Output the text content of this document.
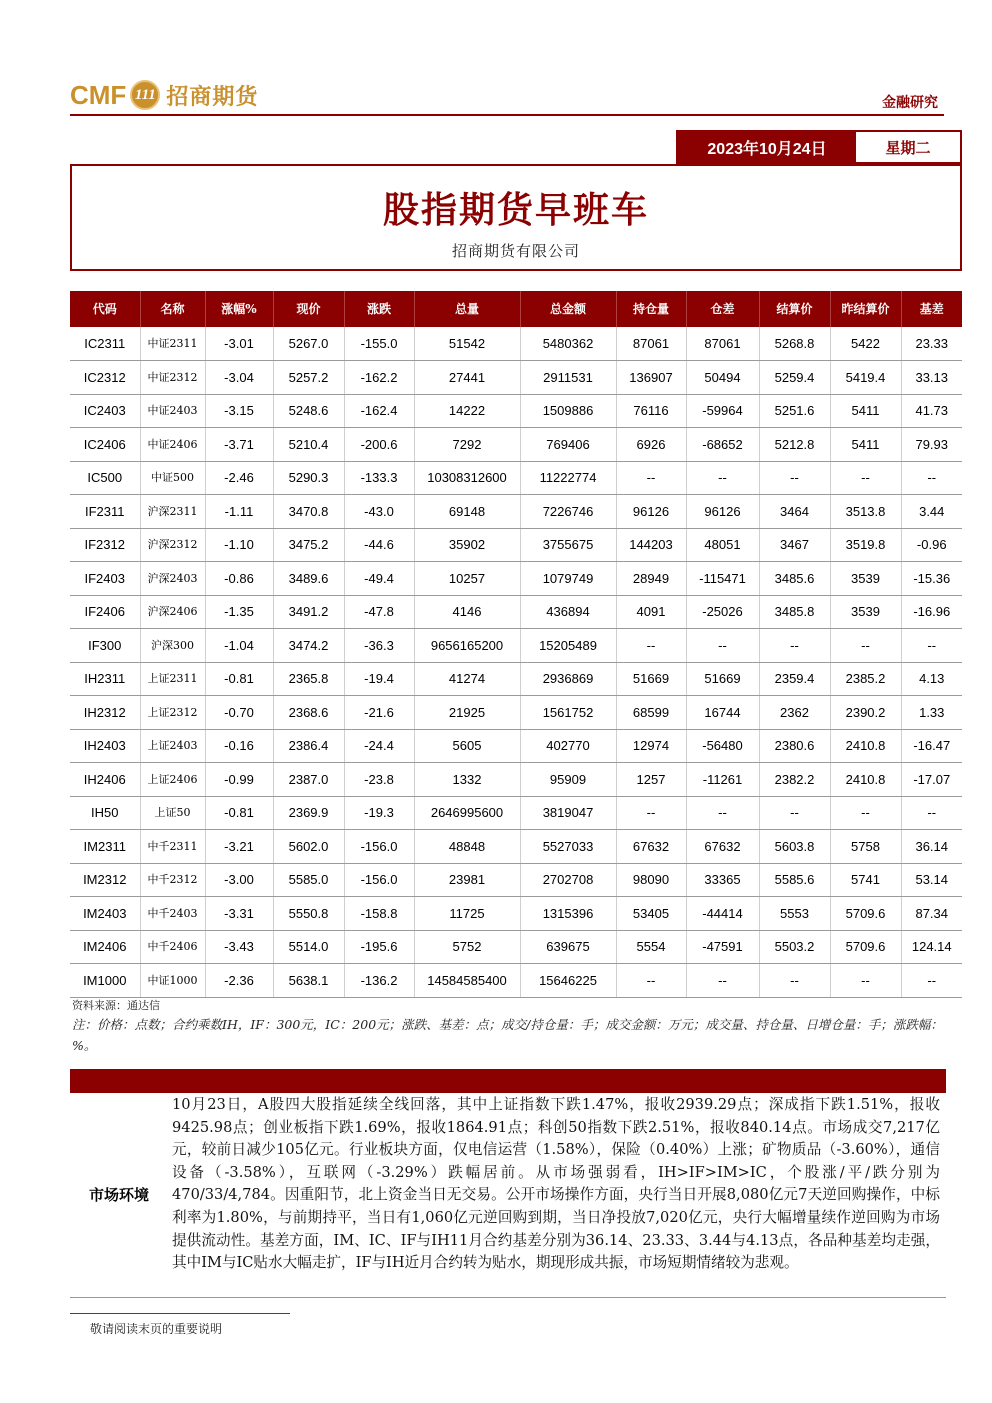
CMF 111 招商期货	金融研究
2023年10月24日	星期二
股指期货早班车
招商期货有限公司
代码	名称	涨幅%	现价	涨跌	总量	总金额	持仓量	仓差	结算价	昨结算价	基差
IC2311	中证2311	-3.01	5267.0	-155.0	51542	5480362	87061	87061	5268.8	5422	23.33
IC2312	中证2312	-3.04	5257.2	-162.2	27441	2911531	136907	50494	5259.4	5419.4	33.13
IC2403	中证2403	-3.15	5248.6	-162.4	14222	1509886	76116	-59964	5251.6	5411	41.73
IC2406	中证2406	-3.71	5210.4	-200.6	7292	769406	6926	-68652	5212.8	5411	79.93
IC500	中证500	-2.46	5290.3	-133.3	10308312600	11222774	--	--	--	--	--
IF2311	沪深2311	-1.11	3470.8	-43.0	69148	7226746	96126	96126	3464	3513.8	3.44
IF2312	沪深2312	-1.10	3475.2	-44.6	35902	3755675	144203	48051	3467	3519.8	-0.96
IF2403	沪深2403	-0.86	3489.6	-49.4	10257	1079749	28949	-115471	3485.6	3539	-15.36
IF2406	沪深2406	-1.35	3491.2	-47.8	4146	436894	4091	-25026	3485.8	3539	-16.96
IF300	沪深300	-1.04	3474.2	-36.3	9656165200	15205489	--	--	--	--	--
IH2311	上证2311	-0.81	2365.8	-19.4	41274	2936869	51669	51669	2359.4	2385.2	4.13
IH2312	上证2312	-0.70	2368.6	-21.6	21925	1561752	68599	16744	2362	2390.2	1.33
IH2403	上证2403	-0.16	2386.4	-24.4	5605	402770	12974	-56480	2380.6	2410.8	-16.47
IH2406	上证2406	-0.99	2387.0	-23.8	1332	95909	1257	-11261	2382.2	2410.8	-17.07
IH50	上证50	-0.81	2369.9	-19.3	2646995600	3819047	--	--	--	--	--
IM2311	中千2311	-3.21	5602.0	-156.0	48848	5527033	67632	67632	5603.8	5758	36.14
IM2312	中千2312	-3.00	5585.0	-156.0	23981	2702708	98090	33365	5585.6	5741	53.14
IM2403	中千2403	-3.31	5550.8	-158.8	11725	1315396	53405	-44414	5553	5709.6	87.34
IM2406	中千2406	-3.43	5514.0	-195.6	5752	639675	5554	-47591	5503.2	5709.6	124.14
IM1000	中证1000	-2.36	5638.1	-136.2	14584585400	15646225	--	--	--	--	--
资料来源：通达信
注：价格：点数；合约乘数IH，IF：300元，IC：200元；涨跌、基差：点；成交/持仓量：手；成交金额：万元；成交量、持仓量、日增仓量：手；涨跌幅：%。
市场环境
10月23日，A股四大股指延续全线回落，其中上证指数下跌1.47%，报收2939.29点；深成指下跌1.51%，报收9425.98点；创业板指下跌1.69%，报收1864.91点；科创50指数下跌2.51%，报收840.14点。市场成交7,217亿元，较前日减少105亿元。行业板块方面，仅电信运营（1.58%），保险（0.40%）上涨；矿物质品（-3.60%），通信设备（-3.58%），互联网（-3.29%）跌幅居前。从市场强弱看，IH>IF>IM>IC，个股涨/平/跌分别为470/33/4,784。因重阳节，北上资金当日无交易。公开市场操作方面，央行当日开展8,080亿元7天逆回购操作，中标利率为1.80%，与前期持平，当日有1,060亿元逆回购到期，当日净投放7,020亿元，央行大幅增量续作逆回购为市场提供流动性。基差方面，IM、IC、IF与IH11月合约基差分别为36.14、23.33、3.44与4.13点，各品种基差均走强，其中IM与IC贴水大幅走扩，IF与IH近月合约转为贴水，期现形成共振，市场短期情绪较为悲观。
敬请阅读末页的重要说明
